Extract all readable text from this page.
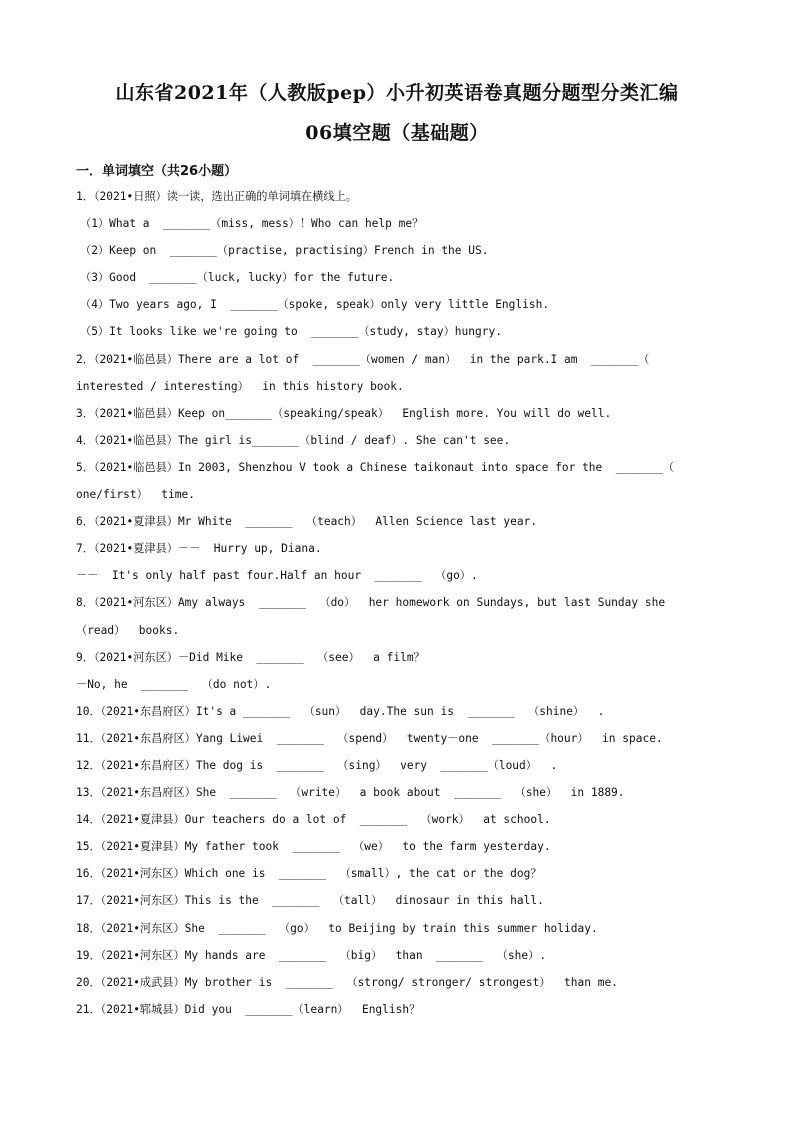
山东省2021年（人教版pep）小升初英语卷真题分题型分类汇编
06填空题（基础题）
一．单词填空（共26小题）
1．（2021•日照）读一读，选出正确的单词填在横线上。
（1）What a  _______（miss, mess）！Who can help me？
（2）Keep on  _______（practise, practising）French in the US.
（3）Good  _______（luck, lucky）for the future.
（4）Two years ago, I  _______（spoke, speak）only very little English.
（5）It looks like we're going to  _______（study, stay）hungry.
2．（2021•临邑县）There are a lot of  _______（women / man）  in the park.I am  _______（
interested / interesting）  in this history book.
3．（2021•临邑县）Keep on_______（speaking/speak）  English more. You will do well.
4．（2021•临邑县）The girl is_______（blind / deaf）. She can't see.
5．（2021•临邑县）In 2003, Shenzhou V took a Chinese taikonaut into space for the  _______（
one/first）  time.
6．（2021•夏津县）Mr White  _______  （teach）  Allen Science last year.
7．（2021•夏津县）－－  Hurry up, Diana.
－－  It's only half past four.Half an hour  _______  （go）.
8．（2021•河东区）Amy always  _______  （do）  her homework on Sundays, but last Sunday she
（read）  books.
9．（2021•河东区）－Did Mike  _______  （see）  a film？
－No, he  _______  （do not）.
10．（2021•东昌府区）It's a _______  （sun）  day.The sun is  _______  （shine）  .
11．（2021•东昌府区）Yang Liwei  _______  （spend）  twenty－one  _______（hour）  in space.
12．（2021•东昌府区）The dog is  _______  （sing）  very  _______（loud）  .
13．（2021•东昌府区）She  _______  （write）  a book about  _______  （she）  in 1889.
14．（2021•夏津县）Our teachers do a lot of  _______  （work）  at school.
15．（2021•夏津县）My father took  _______  （we）  to the farm yesterday.
16．（2021•河东区）Which one is  _______  （small）, the cat or the dog？
17．（2021•河东区）This is the  _______  （tall）  dinosaur in this hall.
18．（2021•河东区）She  _______  （go）  to Beijing by train this summer holiday.
19．（2021•河东区）My hands are  _______  （big）  than  _______  （she）.
20．（2021•成武县）My brother is  _______  （strong/ stronger/ strongest）  than me.
21．（2021•郓城县）Did you  _______（learn）  English？
